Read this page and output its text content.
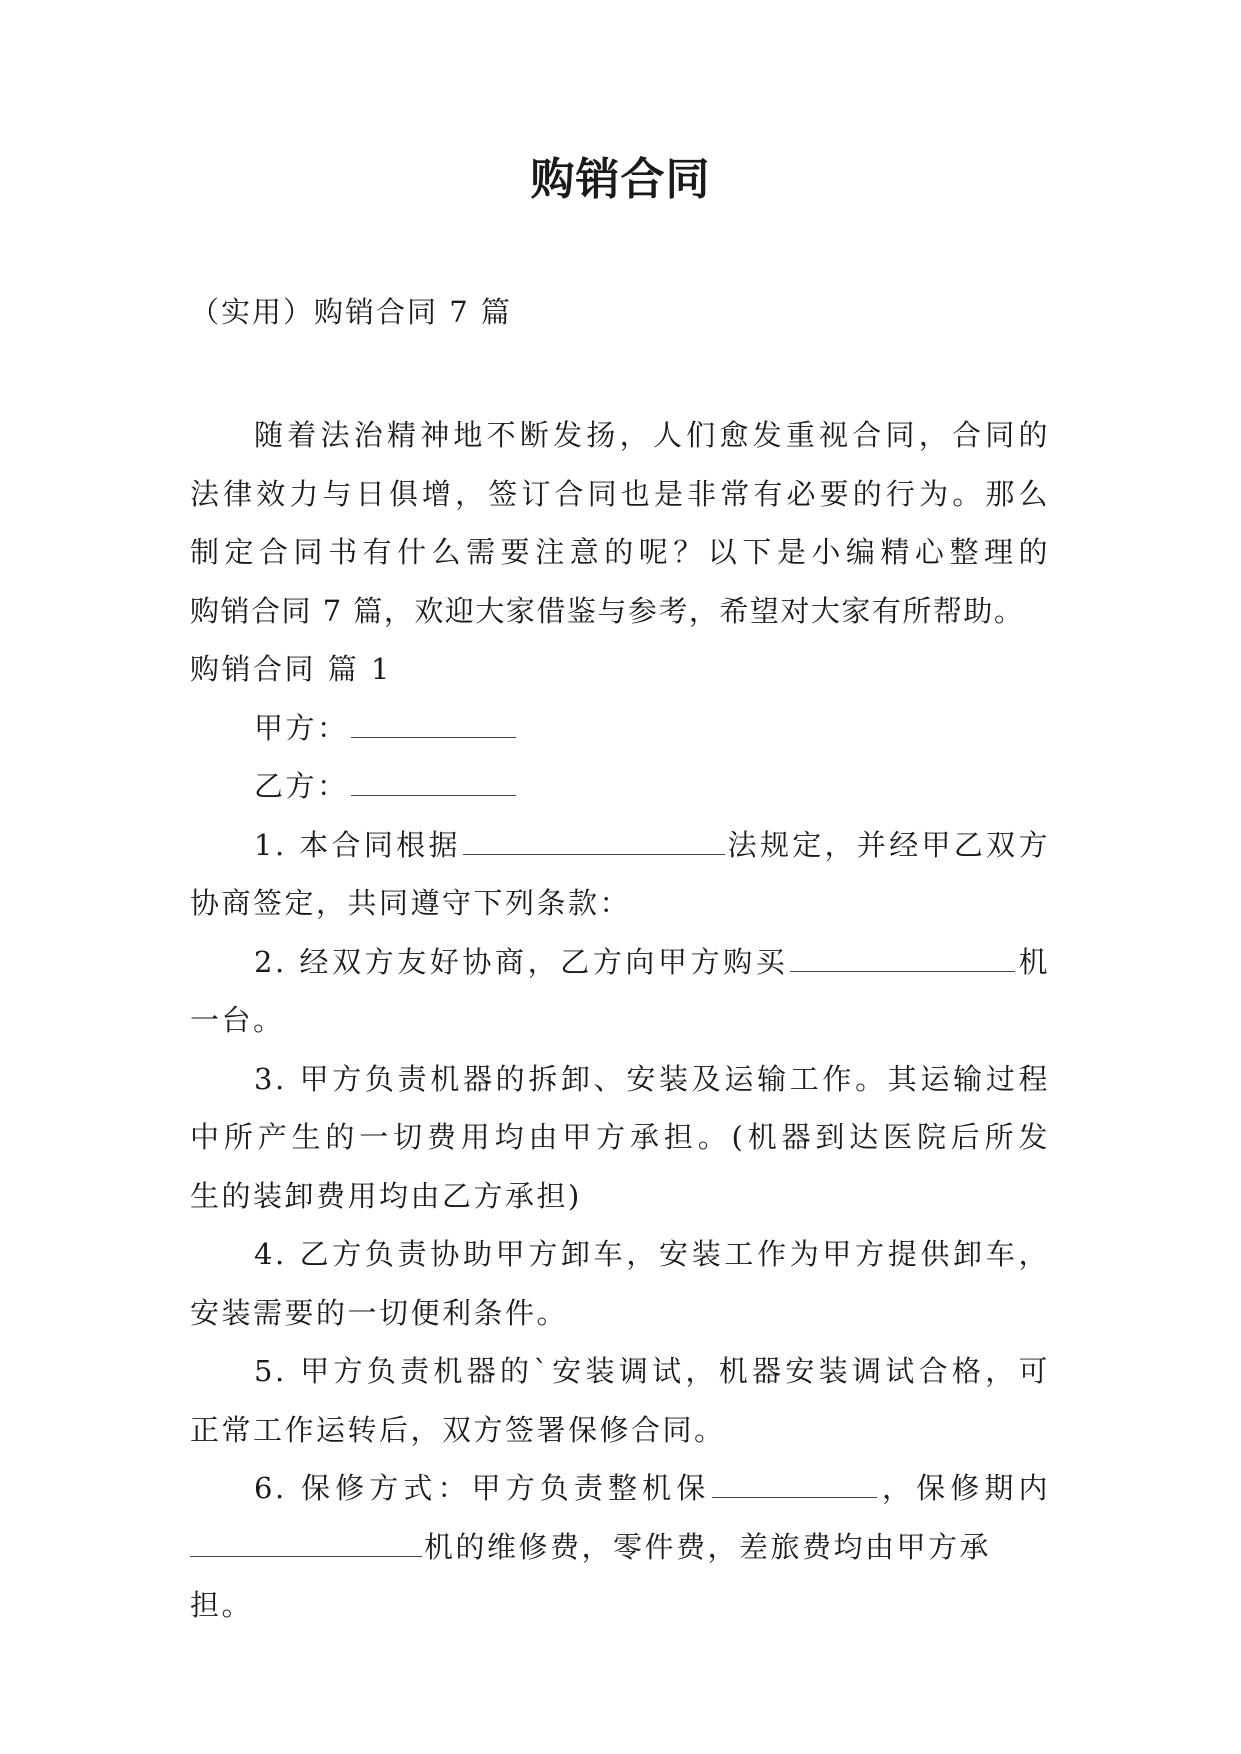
购销合同
（实用）购销合同 7 篇

随着法治精神地不断发扬，人们愈发重视合同，合同的

法律效力与日俱增，签订合同也是非常有必要的行为。那么

制定合同书有什么需要注意的呢？以下是小编精心整理的

购销合同 7 篇，欢迎大家借鉴与参考，希望对大家有所帮助。

购销合同 篇 1

甲方：

乙方：

1. 本合同根据	法规定，并经甲乙双方

协商签定，共同遵守下列条款：

2. 经双方友好协商，乙方向甲方购买	机

一台。

3. 甲方负责机器的拆卸、安装及运输工作。其运输过程

中所产生的一切费用均由甲方承担。(机器到达医院后所发

生的装卸费用均由乙方承担)

4. 乙方负责协助甲方卸车，安装工作为甲方提供卸车，

安装需要的一切便利条件。

5. 甲方负责机器的`安装调试，机器安装调试合格，可

正常工作运转后，双方签署保修合同。

6. 保修方式：甲方负责整机保	，保修期内

机的维修费，零件费，差旅费均由甲方承担。
